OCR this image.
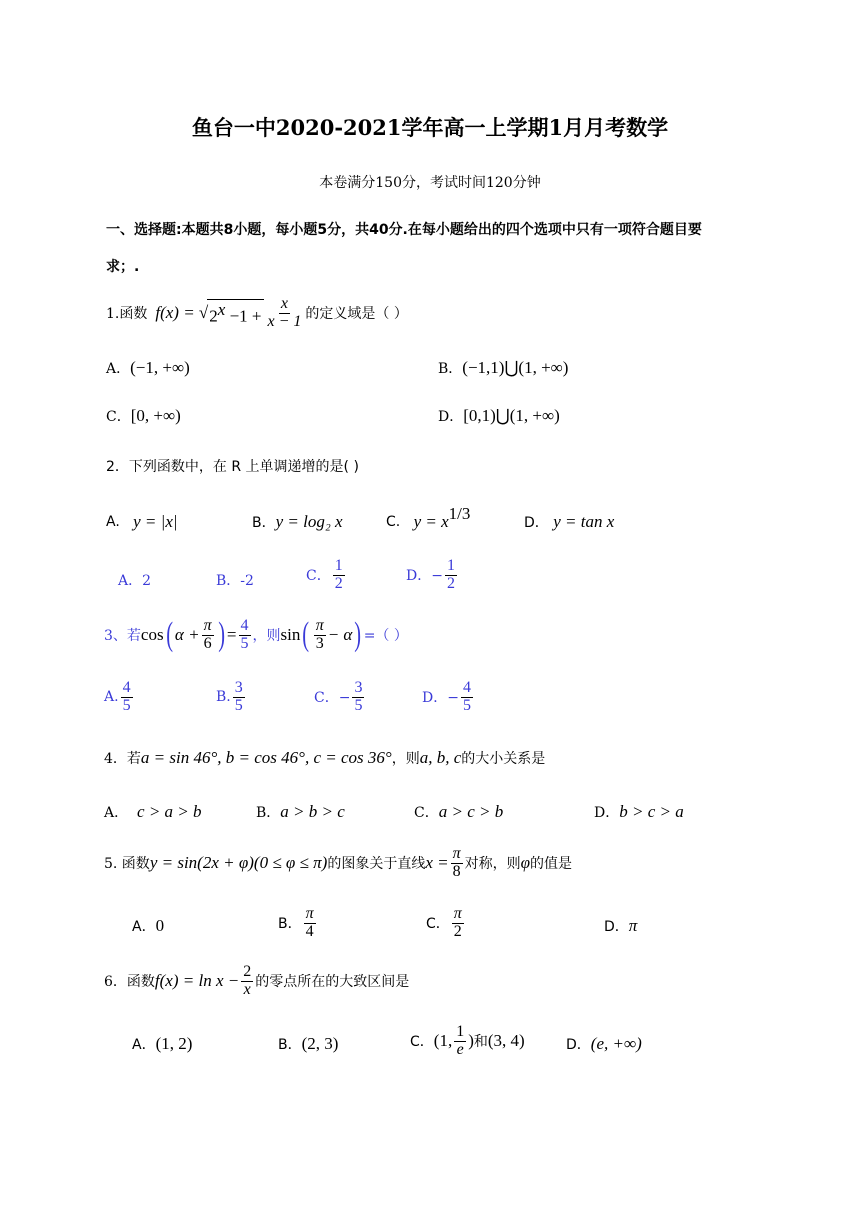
鱼台一中2020-2021学年高一上学期1月月考数学
本卷满分150分，考试时间120分钟
一、选择题:本题共8小题，每小题5分，共40分.在每小题给出的四个选项中只有一项符合题目要
求；.
1.函数 f(x) = √ $2^x -1 + \frac{x}{x - 1}$ 的定义域是（ ）
A． (−1, +∞)	B． (−1,1)⋃(1, +∞)
C． [0, +∞)	D． [0,1)⋃(1, +∞)
2．下列函数中，在 R 上单调递增的是( )
A.
y = |x|	B． y = log₂ x	C.
$y = x^{1/3}$	D．
y = tan x
A．2	B．-2	C． $\frac{1}{2}$	D．− $\frac{1}{2}$
3、若 cos ( $\alpha + \frac{\pi}{6}$ ) = $\frac{4}{5}$ ，则 sin ( $\frac{\pi}{3} - \alpha$ ) =（ ）
A. $\frac{4}{5}$	B. $\frac{3}{5}$	C．− $\frac{3}{5}$	D．− $\frac{4}{5}$
4．若 a = sin 46°, b = cos 46°, c = cos 36° ，则 a, b, c 的大小关系是
A．
c > a > b	B． a > b > c	C． a > c > b	D． b > c > a
5. 函数 y = sin(2x + φ)(0 ≤ φ ≤ π) 的图象关于直线 $x = \frac{\pi}{8}$ 对称，则 φ 的值是
A． 0	B． $\frac{\pi}{4}$	C． $\frac{\pi}{2}$	D． π
6．函数 $f(x) = \ln x - \frac{2}{x}$ 的零点所在的大致区间是
A． (1, 2)	B． (2, 3)	C． (1, $\frac{1}{e}$ ) 和 (3, 4)	D． (e, +∞)
